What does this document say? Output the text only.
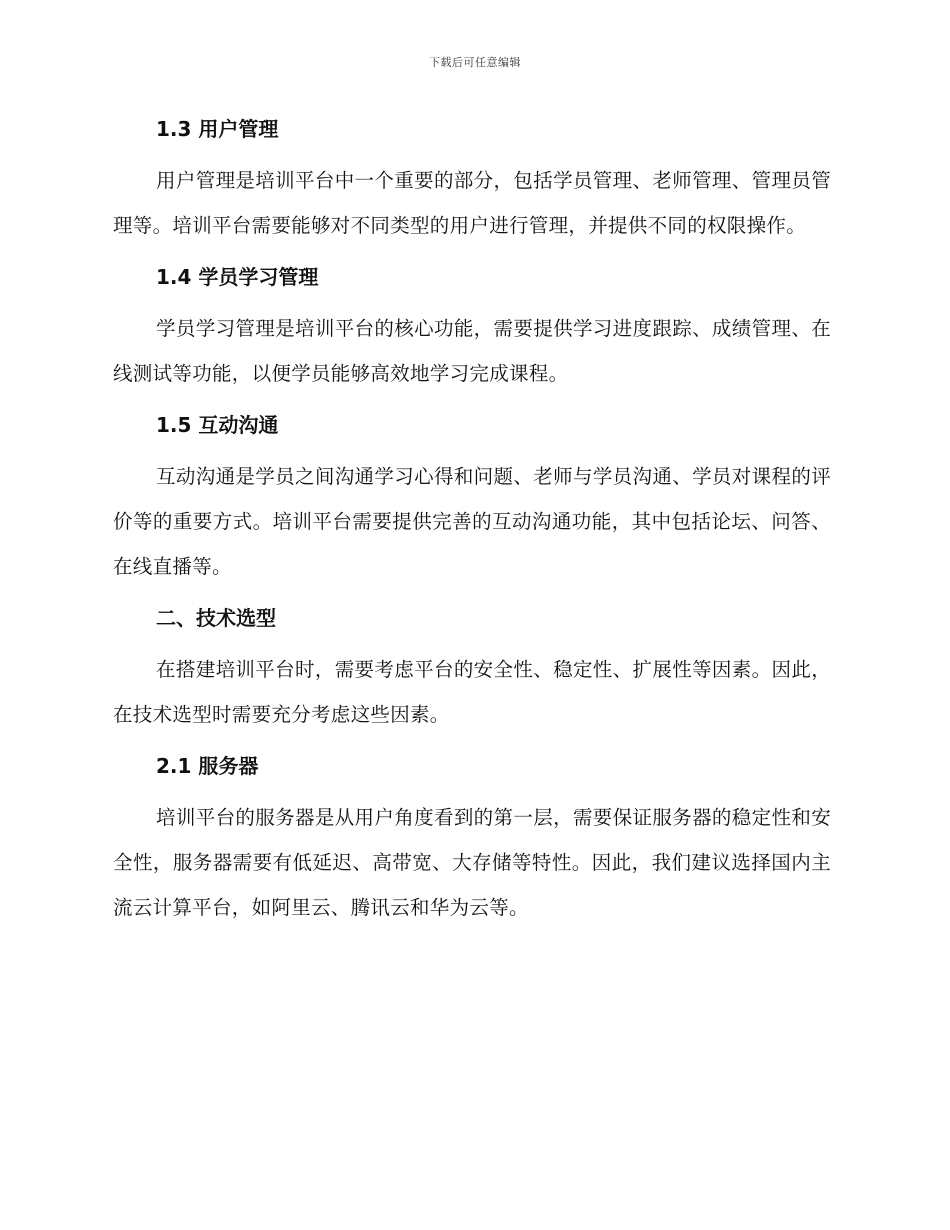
下载后可任意编辑
1.3 用户管理

用户管理是培训平台中一个重要的部分，包括学员管理、老师管理、管理员管理等。培训平台需要能够对不同类型的用户进行管理，并提供不同的权限操作。

1.4 学员学习管理

学员学习管理是培训平台的核心功能，需要提供学习进度跟踪、成绩管理、在线测试等功能，以便学员能够高效地学习完成课程。

1.5 互动沟通

互动沟通是学员之间沟通学习心得和问题、老师与学员沟通、学员对课程的评价等的重要方式。培训平台需要提供完善的互动沟通功能，其中包括论坛、问答、在线直播等。

二、技术选型

在搭建培训平台时，需要考虑平台的安全性、稳定性、扩展性等因素。因此，在技术选型时需要充分考虑这些因素。

2.1 服务器

培训平台的服务器是从用户角度看到的第一层，需要保证服务器的稳定性和安全性，服务器需要有低延迟、高带宽、大存储等特性。因此，我们建议选择国内主流云计算平台，如阿里云、腾讯云和华为云等。
